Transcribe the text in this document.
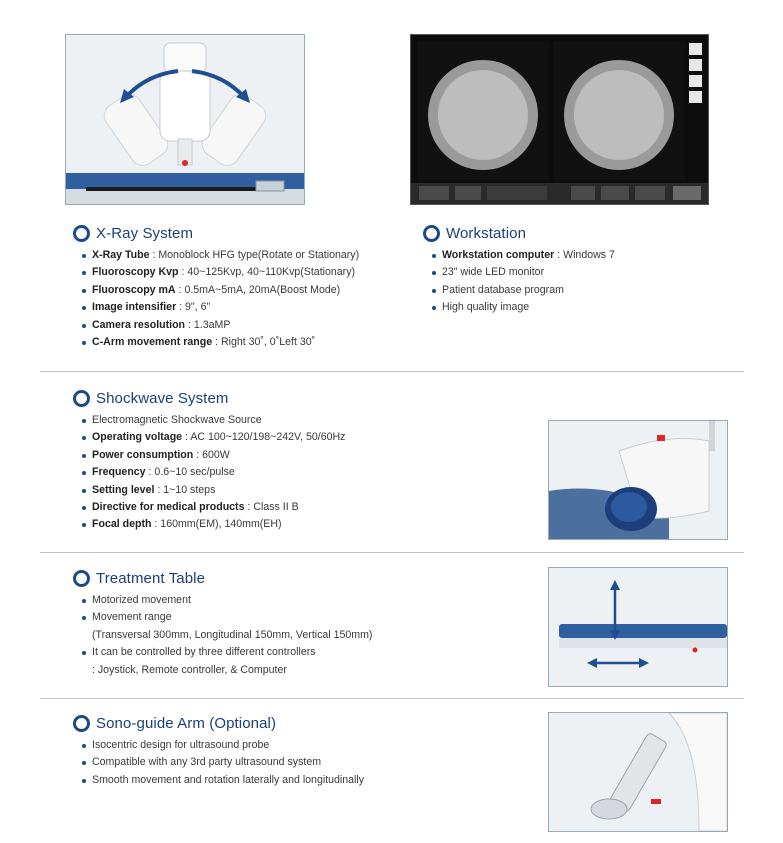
X-Ray System
X-Ray Tube : Monoblock HFG type(Rotate or Stationary)
Fluoroscopy Kvp : 40~125Kvp, 40~110Kvp(Stationary)
Fluoroscopy mA : 0.5mA~5mA, 20mA(Boost Mode)
Image intensifier : 9", 6"
Camera resolution : 1.3aMP
C-Arm movement range : Right 30˚, 0˚Left 30˚
Workstation
Workstation computer : Windows 7
23" wide LED monitor
Patient database program
High quality image
Shockwave System
Electromagnetic Shockwave Source
Operating voltage : AC 100~120/198~242V, 50/60Hz
Power consumption : 600W
Frequency : 0.6~10 sec/pulse
Setting level : 1~10 steps
Directive for medical products : Class II B
Focal depth : 160mm(EM), 140mm(EH)
Treatment Table
Motorized movement
Movement range
(Transversal 300mm, Longitudinal 150mm, Vertical 150mm)
It can be controlled by three different controllers
: Joystick, Remote controller, & Computer
Sono-guide Arm (Optional)
Isocentric design for ultrasound probe
Compatible with any 3rd party ultrasound system
Smooth movement and rotation laterally and longitudinally
